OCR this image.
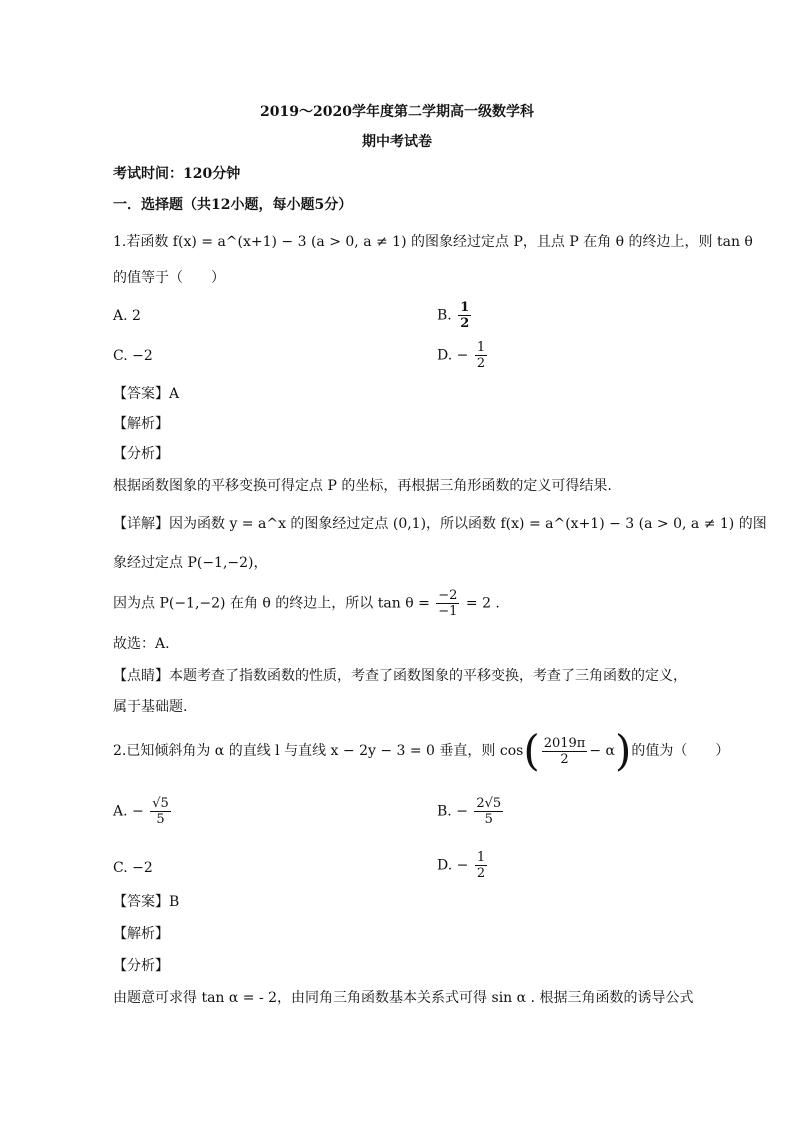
2019～2020学年度第二学期高一级数学科
期中考试卷
考试时间：120分钟
一．选择题（共12小题，每小题5分）
1.若函数 f(x) = a^(x+1) − 3 (a > 0, a ≠ 1) 的图象经过定点 P，且点 P 在角 θ 的终边上，则 tan θ
的值等于（　　）
A. 2	B. $\frac{1}{2}$
C. −2	D. − $\frac{1}{2}$
【答案】A
【解析】
【分析】
根据函数图象的平移变换可得定点 P 的坐标，再根据三角形函数的定义可得结果.
【详解】因为函数 y = a^x 的图象经过定点 (0,1)，所以函数 f(x) = a^(x+1) − 3 (a > 0, a ≠ 1) 的图
象经过定点 P(−1,−2)，
因为点 P(−1,−2) 在角 θ 的终边上，所以 $\tan \theta = \frac{-2}{-1} = 2$ .
故选：A.
【点睛】本题考查了指数函数的性质，考查了函数图象的平移变换，考查了三角函数的定义，
属于基础题.
2.已知倾斜角为 α 的直线 l 与直线 x − 2y − 3 = 0 垂直，则 $\cos( \frac{2019\pi}{2} - \alpha)$的值为（　　）
A. − $\frac{√5}{5}$	B. − $\frac{2√5}{5}$
C. −2	D. − $\frac{1}{2}$
【答案】B
【解析】
【分析】
由题意可求得 tan α = - 2，由同角三角函数基本关系式可得 sin α . 根据三角函数的诱导公式
